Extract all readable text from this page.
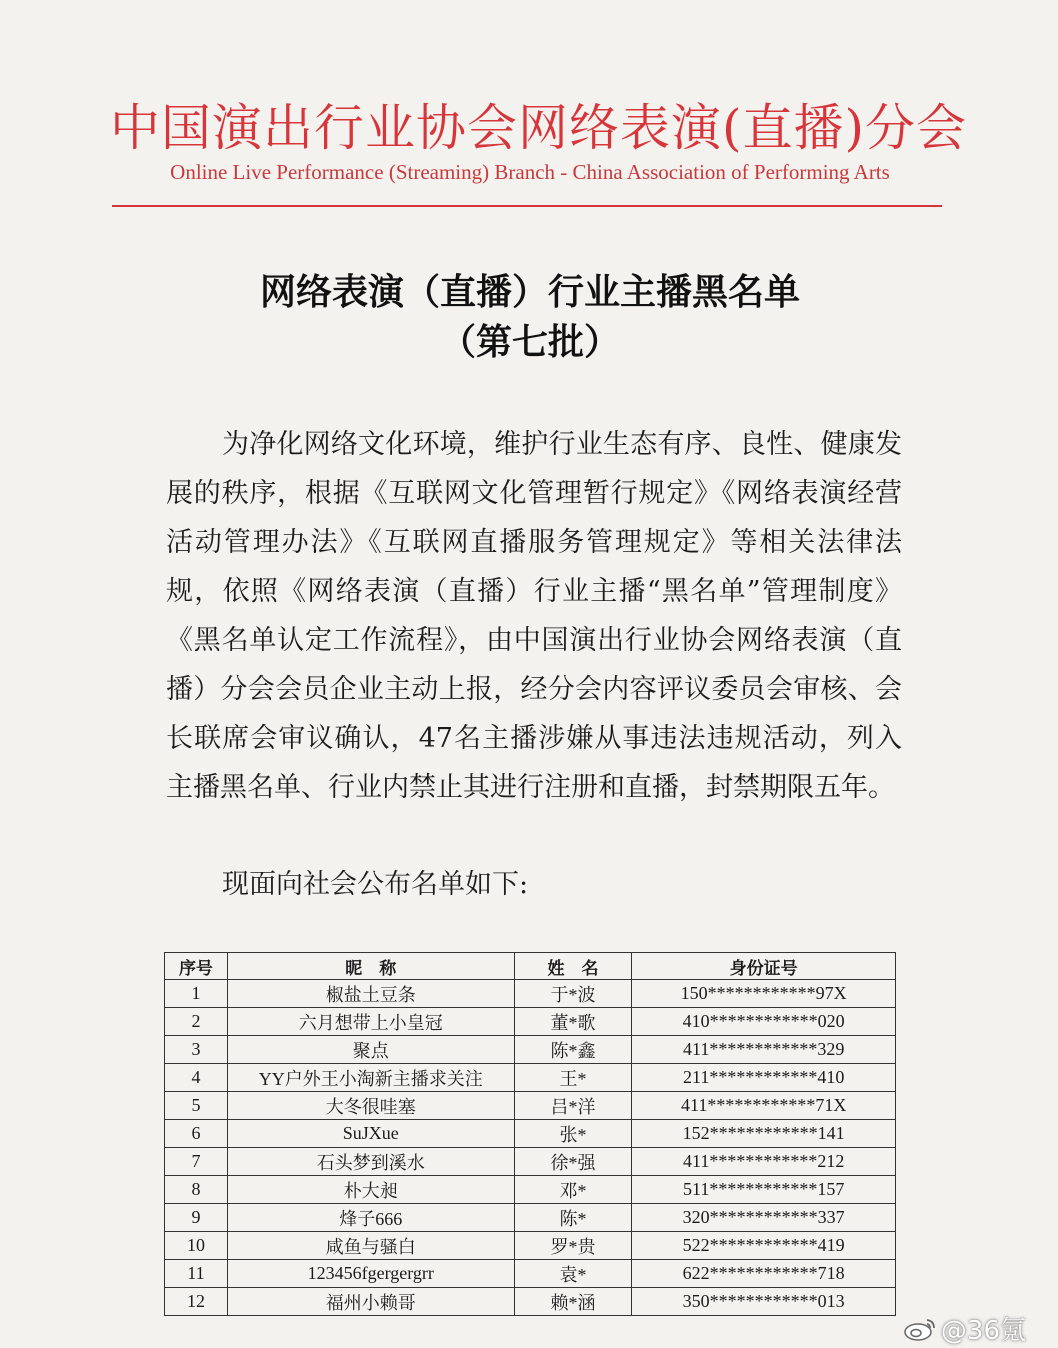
中国演出行业协会网络表演(直播)分会
Online Live Performance (Streaming) Branch - China Association of Performing Arts
网络表演（直播）行业主播黑名单
（第七批）
为净化网络文化环境，维护行业生态有序、良性、健康发展的秩序，根据《互联网文化管理暂行规定》《网络表演经营活动管理办法》《互联网直播服务管理规定》等相关法律法规，依照《网络表演（直播）行业主播“黑名单”管理制度》《黑名单认定工作流程》，由中国演出行业协会网络表演（直播）分会会员企业主动上报，经分会内容评议委员会审核、会长联席会审议确认，47名主播涉嫌从事违法违规活动，列入主播黑名单、行业内禁止其进行注册和直播，封禁期限五年。
现面向社会公布名单如下:
序号	昵　称	姓　名	身份证号
1	椒盐土豆条	于*波	150************97X
2	六月想带上小皇冠	董*歌	410************020
3	聚点	陈*鑫	411************329
4	YY户外王小淘新主播求关注	王*	211************410
5	大冬很哇塞	吕*洋	411************71X
6	SuJXue	张*	152************141
7	石头梦到溪水	徐*强	411************212
8	朴大昶	邓*	511************157
9	烽子666	陈*	320************337
10	咸鱼与骚白	罗*贵	522************419
11	123456fgergergrr	袁*	622************718
12	福州小赖哥	赖*涵	350************013
@36氪
